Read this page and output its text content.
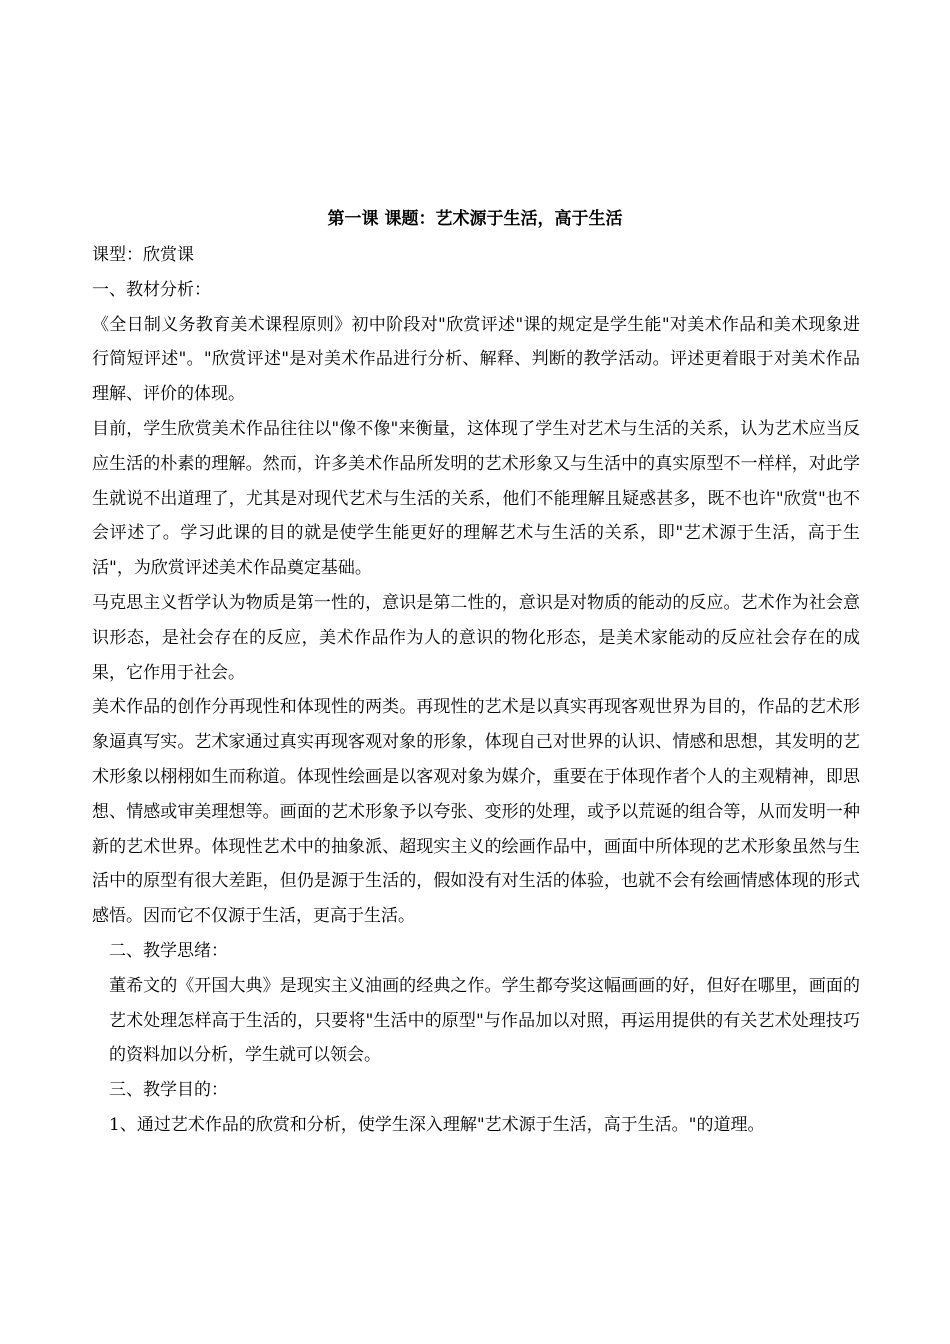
第一课 课题：艺术源于生活，高于生活

课型：欣赏课

一、教材分析：

《全日制义务教育美术课程原则》初中阶段对"欣赏评述"课的规定是学生能"对美术作品和美术现象进行简短评述"。"欣赏评述"是对美术作品进行分析、解释、判断的教学活动。评述更着眼于对美术作品理解、评价的体现。

目前，学生欣赏美术作品往往以"像不像"来衡量，这体现了学生对艺术与生活的关系，认为艺术应当反应生活的朴素的理解。然而，许多美术作品所发明的艺术形象又与生活中的真实原型不一样样，对此学生就说不出道理了，尤其是对现代艺术与生活的关系，他们不能理解且疑惑甚多，既不也许"欣赏"也不会评述了。学习此课的目的就是使学生能更好的理解艺术与生活的关系，即"艺术源于生活，高于生活"，为欣赏评述美术作品奠定基础。

马克思主义哲学认为物质是第一性的，意识是第二性的，意识是对物质的能动的反应。艺术作为社会意识形态，是社会存在的反应，美术作品作为人的意识的物化形态，是美术家能动的反应社会存在的成果，它作用于社会。

美术作品的创作分再现性和体现性的两类。再现性的艺术是以真实再现客观世界为目的，作品的艺术形象逼真写实。艺术家通过真实再现客观对象的形象，体现自己对世界的认识、情感和思想，其发明的艺术形象以栩栩如生而称道。体现性绘画是以客观对象为媒介，重要在于体现作者个人的主观精神，即思想、情感或审美理想等。画面的艺术形象予以夸张、变形的处理，或予以荒诞的组合等，从而发明一种新的艺术世界。体现性艺术中的抽象派、超现实主义的绘画作品中，画面中所体现的艺术形象虽然与生活中的原型有很大差距，但仍是源于生活的，假如没有对生活的体验，也就不会有绘画情感体现的形式感悟。因而它不仅源于生活，更高于生活。

二、教学思绪：

董希文的《开国大典》是现实主义油画的经典之作。学生都夸奖这幅画画的好，但好在哪里，画面的艺术处理怎样高于生活的，只要将"生活中的原型"与作品加以对照，再运用提供的有关艺术处理技巧的资料加以分析，学生就可以领会。

三、教学目的：

1、通过艺术作品的欣赏和分析，使学生深入理解"艺术源于生活，高于生活。"的道理。
